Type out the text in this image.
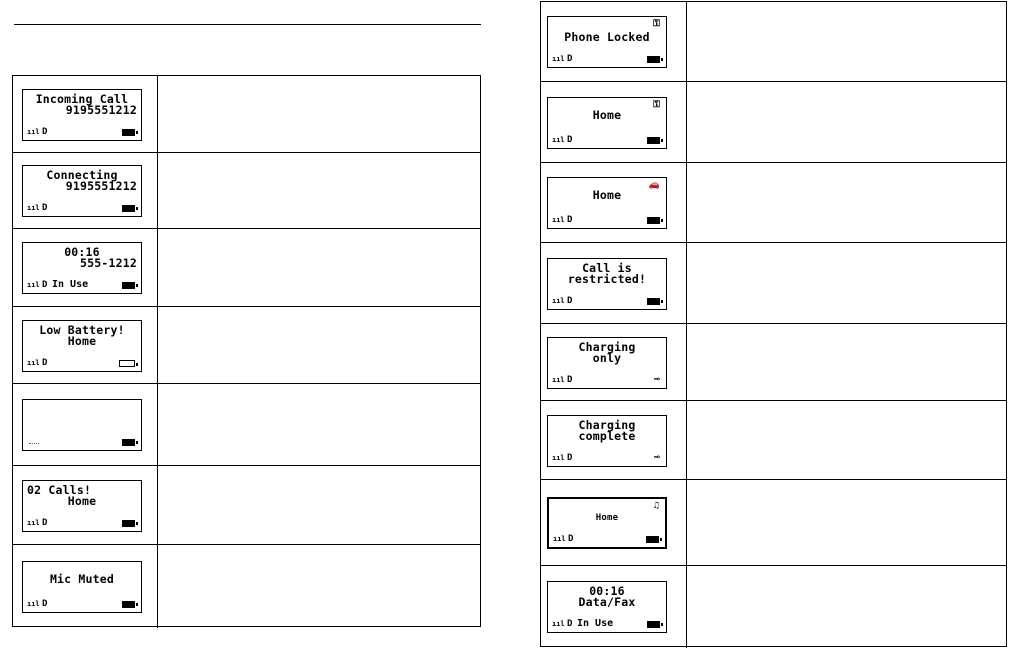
Incoming Call
9195551212
ııl D
Connecting
9195551212
ııl D
00:16
555-1212
ııl D In Use
Low Battery!
Home
ııl D
02 Calls!
Home
ııl D
Mic Muted
ııl D
Phone Locked
⚿
ııl D
Home
⚿
ııl D
Home
🚗
ııl D
Call is
restricted!
ııl D
Charging
only
ııl D	⊸
Charging
complete
ııl D	⊸
Home
♫
ııl D
00:16
Data/Fax
ııl D In Use
